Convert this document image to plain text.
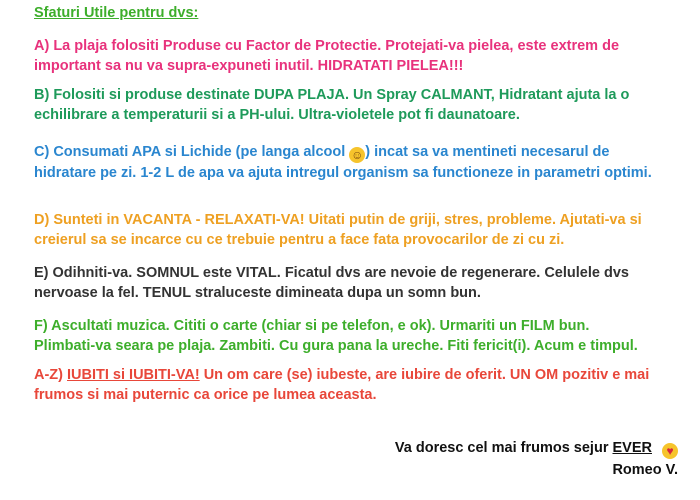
Sfaturi Utile pentru dvs:

A) La plaja folositi Produse cu Factor de Protectie. Protejati-va pielea, este extrem de important sa nu va supra-expuneti inutil. HIDRATATI PIELEA!!!

B) Folositi si produse destinate DUPA PLAJA. Un Spray CALMANT, Hidratant ajuta la o echilibrare a temperaturii si a PH-ului. Ultra-violetele pot fi daunatoare.

C) Consumati APA si Lichide (pe langa alcool ☺ ) incat sa va mentineti necesarul de hidratare pe zi. 1-2 L de apa va ajuta intregul organism sa functioneze in parametri optimi.

D) Sunteti in VACANTA - RELAXATI-VA! Uitati putin de griji, stres, probleme. Ajutati-va si creierul sa se incarce cu ce trebuie pentru a face fata provocarilor de zi cu zi.

E) Odihniti-va. SOMNUL este VITAL. Ficatul dvs are nevoie de regenerare. Celulele dvs nervoase la fel. TENUL straluceste dimineata dupa un somn bun.

F) Ascultati muzica. Cititi o carte (chiar si pe telefon, e ok). Urmariti un FILM bun. Plimbati-va seara pe plaja. Zambiti. Cu gura pana la ureche. Fiti fericit(i). Acum e timpul.

A-Z) IUBITI si IUBITI-VA! Un om care (se) iubeste, are iubire de oferit. UN OM pozitiv e mai frumos si mai puternic ca orice pe lumea aceasta.

Va doresc cel mai frumos sejur EVER ♥
Romeo V.
